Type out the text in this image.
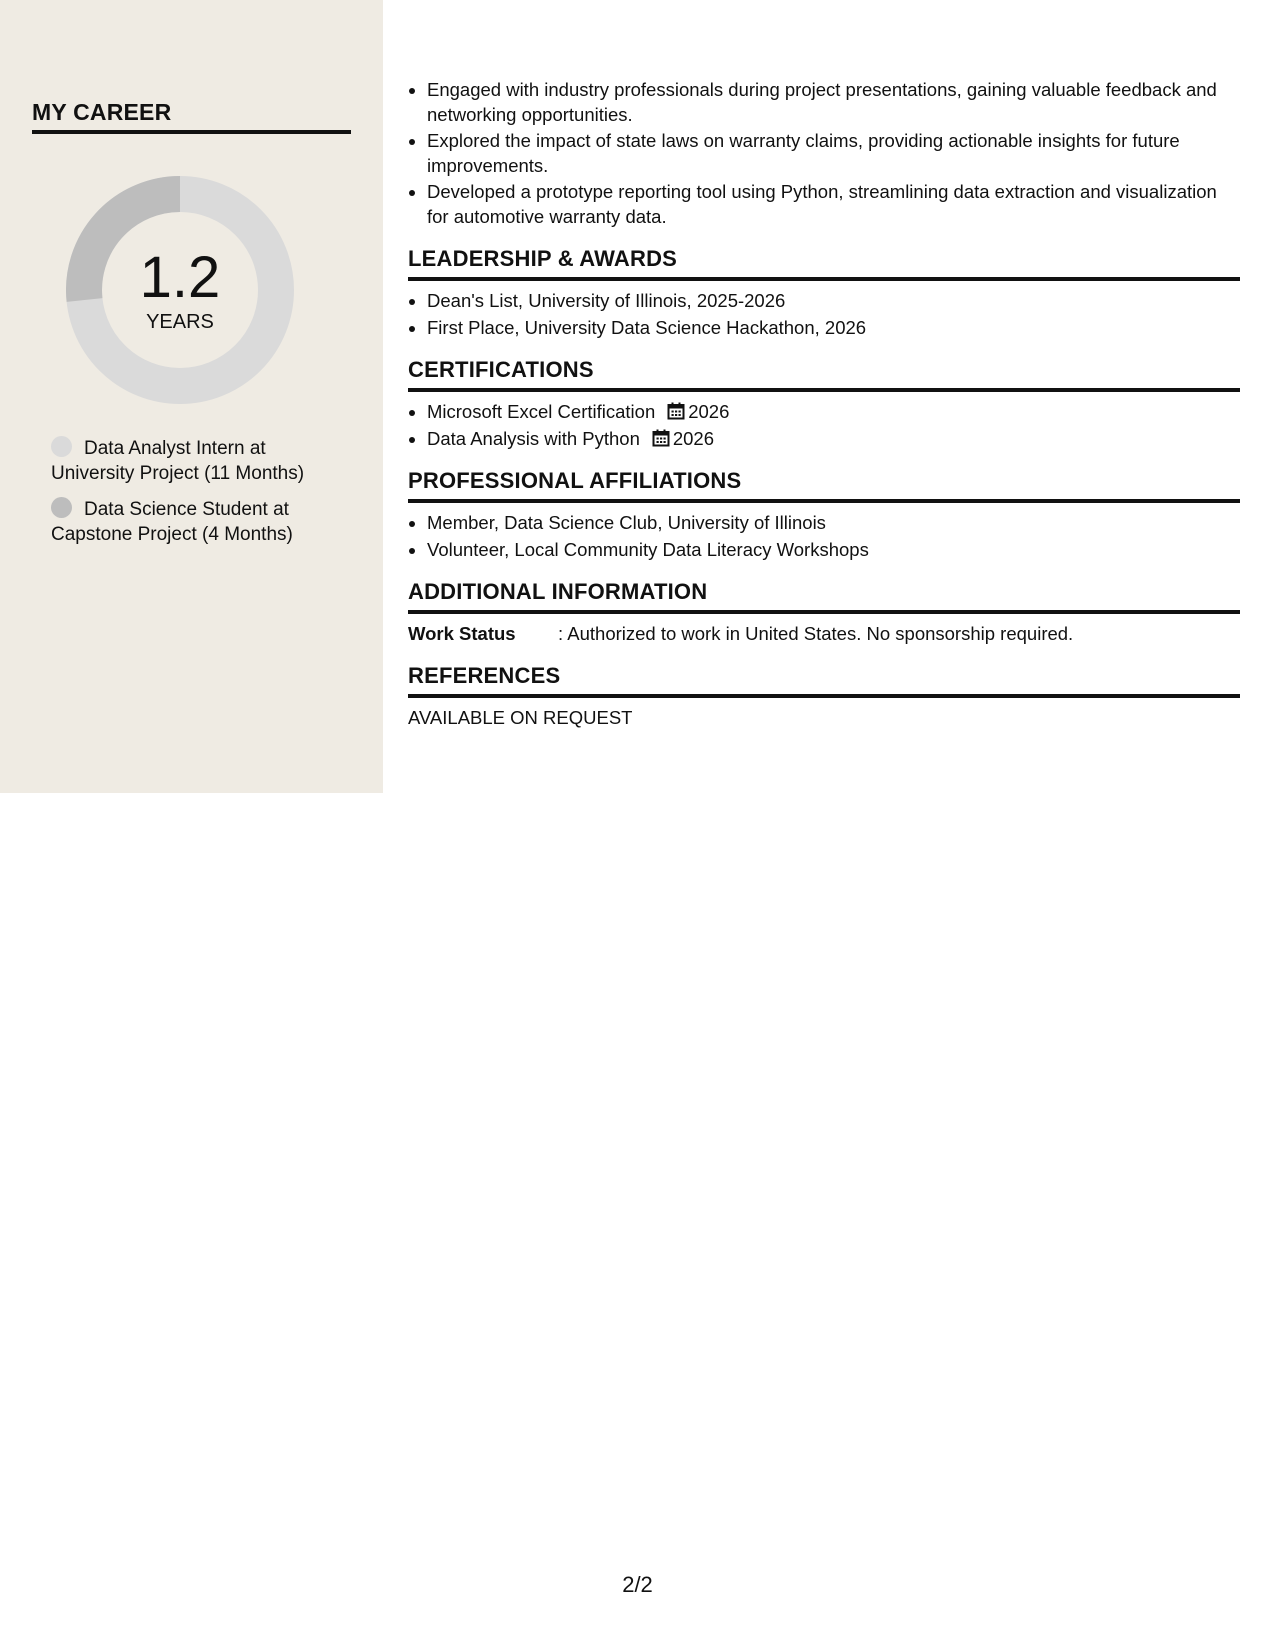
MY CAREER
1.2
YEARS
Data Analyst Intern at University Project (11 Months)
Data Science Student at Capstone Project (4 Months)
• Engaged with industry professionals during project presentations, gaining valuable feedback and networking opportunities.
• Explored the impact of state laws on warranty claims, providing actionable insights for future improvements.
• Developed a prototype reporting tool using Python, streamlining data extraction and visualization for automotive warranty data.
LEADERSHIP & AWARDS
• Dean's List, University of Illinois, 2025-2026
• First Place, University Data Science Hackathon, 2026
CERTIFICATIONS
• Microsoft Excel Certification 2026
• Data Analysis with Python 2026
PROFESSIONAL AFFILIATIONS
• Member, Data Science Club, University of Illinois
• Volunteer, Local Community Data Literacy Workshops
ADDITIONAL INFORMATION
Work Status : Authorized to work in United States. No sponsorship required.
REFERENCES
AVAILABLE ON REQUEST
2/2
